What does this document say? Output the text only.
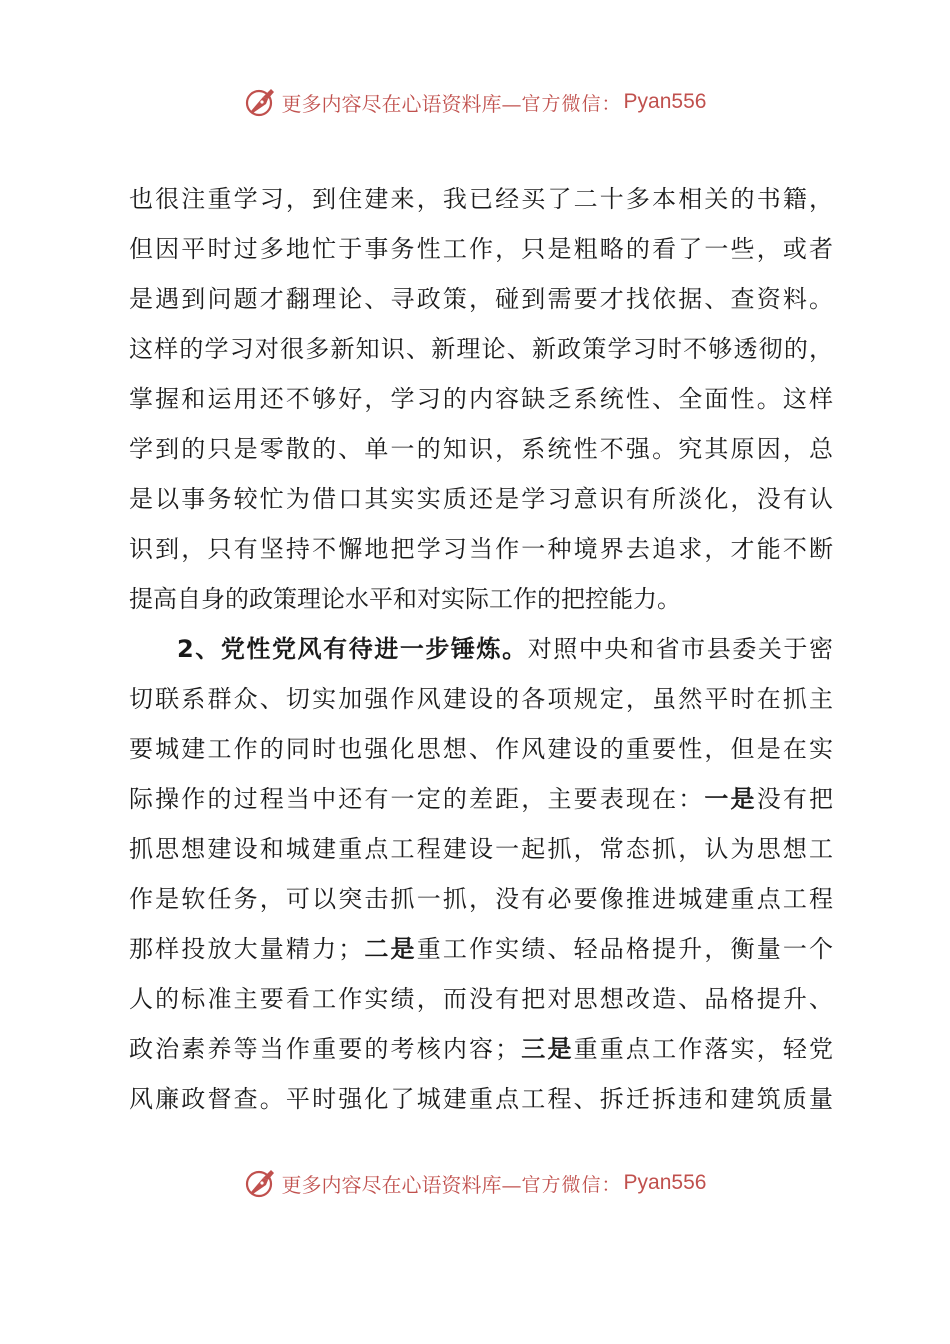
更多内容尽在心语资料库— 官方微信： Pyan556
也很注重学习，到住建来，我已经买了二十多本相关的书籍，
但因平时过多地忙于事务性工作，只是粗略的看了一些，或者
是遇到问题才翻理论、寻政策，碰到需要才找依据、查资料。
这样的学习对很多新知识、新理论、新政策学习时不够透彻的，
掌握和运用还不够好，学习的内容缺乏系统性、全面性。这样
学到的只是零散的、单一的知识，系统性不强。究其原因，总
是以事务较忙为借口其实实质还是学习意识有所淡化，没有认
识到，只有坚持不懈地把学习当作一种境界去追求，才能不断
提高自身的政策理论水平和对实际工作的把控能力。
2、党性党风有待进一步锤炼。对照中央和省市县委关于密
切联系群众、切实加强作风建设的各项规定，虽然平时在抓主
要城建工作的同时也强化思想、作风建设的重要性，但是在实
际操作的过程当中还有一定的差距，主要表现在：一是没有把
抓思想建设和城建重点工程建设一起抓，常态抓，认为思想工
作是软任务，可以突击抓一抓，没有必要像推进城建重点工程
那样投放大量精力；二是重工作实绩、轻品格提升，衡量一个
人的标准主要看工作实绩，而没有把对思想改造、品格提升、
政治素养等当作重要的考核内容；三是重重点工作落实，轻党
风廉政督查。平时强化了城建重点工程、拆迁拆违和建筑质量
更多内容尽在心语资料库— 官方微信： Pyan556
